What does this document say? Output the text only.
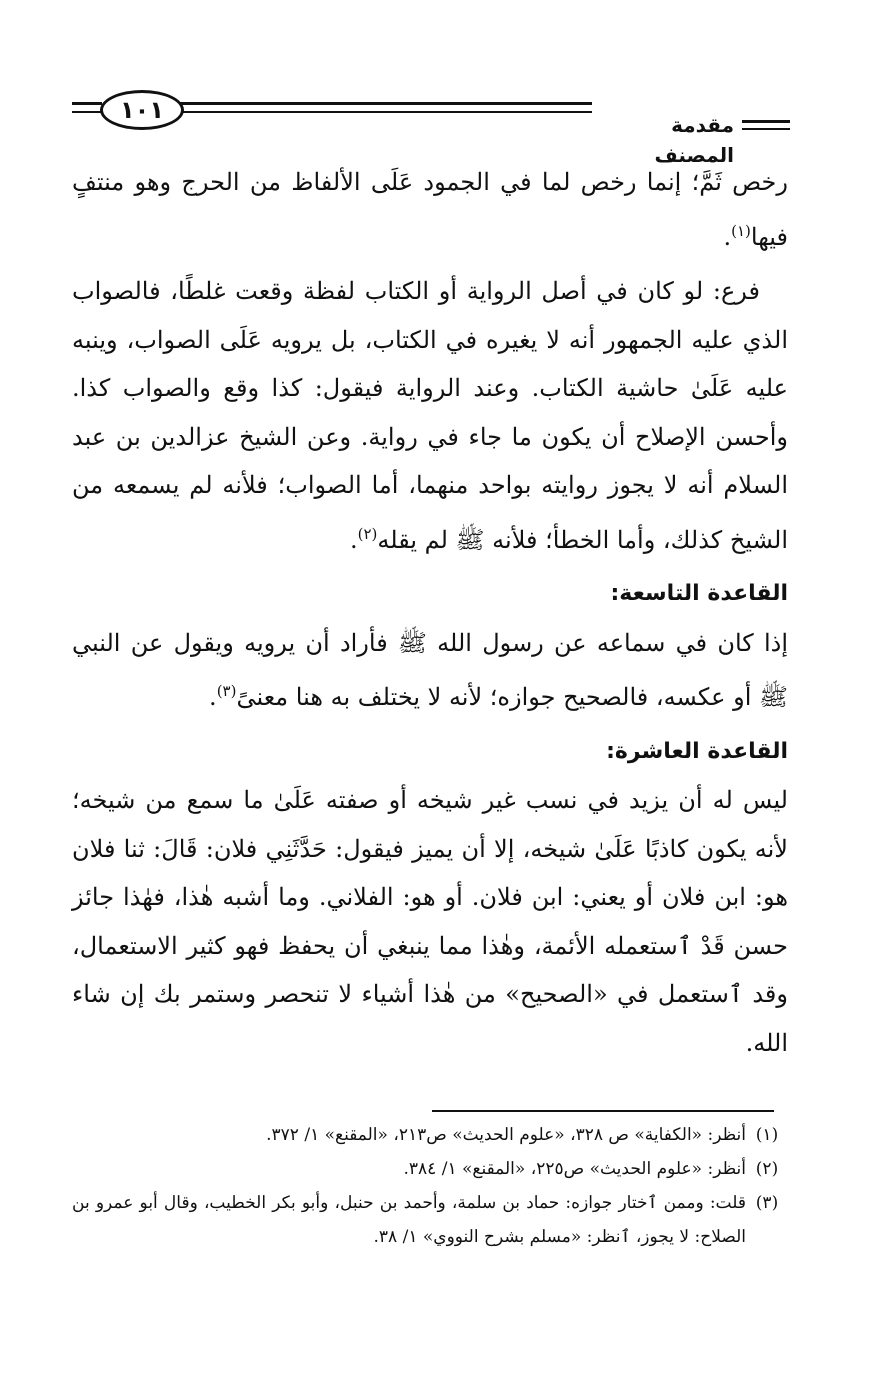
١٠١
مقدمة المصنف

رخص ثَمَّ؛ إنما رخص لما في الجمود عَلَى الألفاظ من الحرج وهو منتفٍ فيها$^{(١)}$.

فرع: لو كان في أصل الرواية أو الكتاب لفظة وقعت غلطًا، فالصواب الذي عليه الجمهور أنه لا يغيره في الكتاب، بل يرويه عَلَى الصواب، وينبه عليه عَلَىٰ حاشية الكتاب. وعند الرواية فيقول: كذا وقع والصواب كذا. وأحسن الإصلاح أن يكون ما جاء في رواية. وعن الشيخ عزالدين بن عبد السلام أنه لا يجوز روايته بواحد منهما، أما الصواب؛ فلأنه لم يسمعه من الشيخ كذلك، وأما الخطأ؛ فلأنه ﷺ لم يقله$^{(٢)}$.

القاعدة التاسعة:

إذا كان في سماعه عن رسول الله ﷺ فأراد أن يرويه ويقول عن النبي ﷺ أو عكسه، فالصحيح جوازه؛ لأنه لا يختلف به هنا معنىً$^{(٣)}$.

القاعدة العاشرة:

ليس له أن يزيد في نسب غير شيخه أو صفته عَلَىٰ ما سمع من شيخه؛ لأنه يكون كاذبًا عَلَىٰ شيخه، إلا أن يميز فيقول: حَدَّثَنِي فلان: قَالَ: ثنا فلان هو: ابن فلان أو يعني: ابن فلان. أو هو: الفلاني. وما أشبه هٰذا، فهٰذا جائز حسن قَدْ ٱستعمله الأئمة، وهٰذا مما ينبغي أن يحفظ فهو كثير الاستعمال، وقد ٱستعمل في «الصحيح» من هٰذا أشياء لا تنحصر وستمر بك إن شاء الله.

(١)
أنظر: «الكفاية» ص ٣٢٨، «علوم الحديث» ص٢١٣، «المقنع» ١/ ٣٧٢.
(٢)
أنظر: «علوم الحديث» ص٢٢٥، «المقنع» ١/ ٣٨٤.
(٣)
قلت: وممن ٱختار جوازه: حماد بن سلمة، وأحمد بن حنبل، وأبو بكر الخطيب، وقال أبو عمرو بن الصلاح: لا يجوز، ٱنظر: «مسلم بشرح النووي» ١/ ٣٨.
